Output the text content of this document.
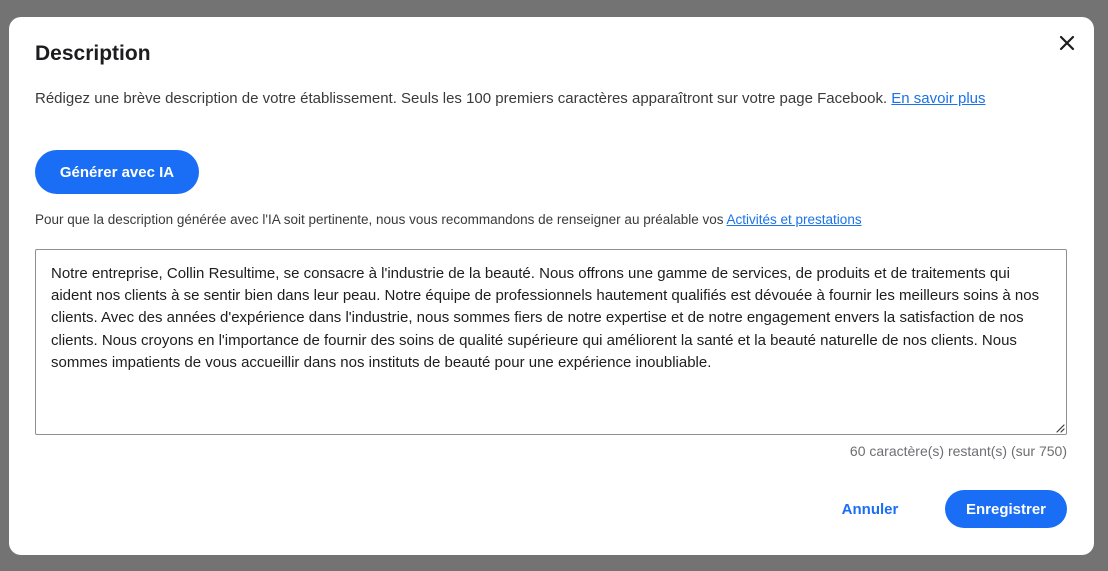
Description

Rédigez une brève description de votre établissement. Seuls les 100 premiers caractères apparaîtront sur votre page Facebook. En savoir plus

Générer avec IA

Pour que la description générée avec l'IA soit pertinente, nous vous recommandons de renseigner au préalable vos Activités et prestations

Notre entreprise, Collin Resultime, se consacre à l'industrie de la beauté. Nous offrons une gamme de services, de produits et de traitements qui aident nos clients à se sentir bien dans leur peau. Notre équipe de professionnels hautement qualifiés est dévouée à fournir les meilleurs soins à nos clients. Avec des années d'expérience dans l'industrie, nous sommes fiers de notre expertise et de notre engagement envers la satisfaction de nos clients. Nous croyons en l'importance de fournir des soins de qualité supérieure qui améliorent la santé et la beauté naturelle de nos clients. Nous sommes impatients de vous accueillir dans nos instituts de beauté pour une expérience inoubliable.

60 caractère(s) restant(s) (sur 750)

Annuler	Enregistrer
